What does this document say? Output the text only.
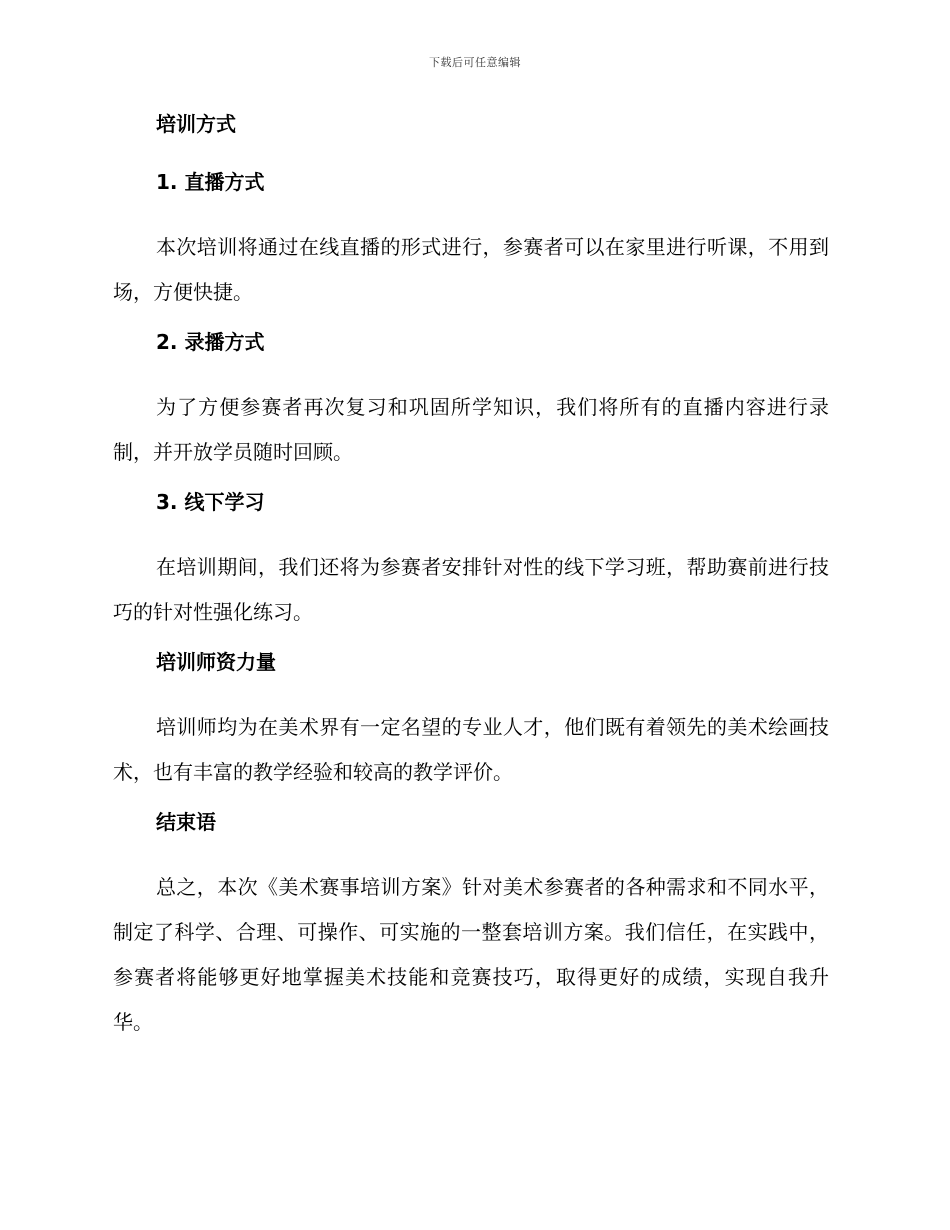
下载后可任意编辑
培训方式
1. 直播方式

本次培训将通过在线直播的形式进行，参赛者可以在家里进行听课，不用到场，方便快捷。

2. 录播方式

为了方便参赛者再次复习和巩固所学知识，我们将所有的直播内容进行录制，并开放学员随时回顾。

3. 线下学习

在培训期间，我们还将为参赛者安排针对性的线下学习班，帮助赛前进行技巧的针对性强化练习。

培训师资力量

培训师均为在美术界有一定名望的专业人才，他们既有着领先的美术绘画技术，也有丰富的教学经验和较高的教学评价。

结束语

总之，本次《美术赛事培训方案》针对美术参赛者的各种需求和不同水平，制定了科学、合理、可操作、可实施的一整套培训方案。我们信任，在实践中，参赛者将能够更好地掌握美术技能和竞赛技巧，取得更好的成绩，实现自我升华。
